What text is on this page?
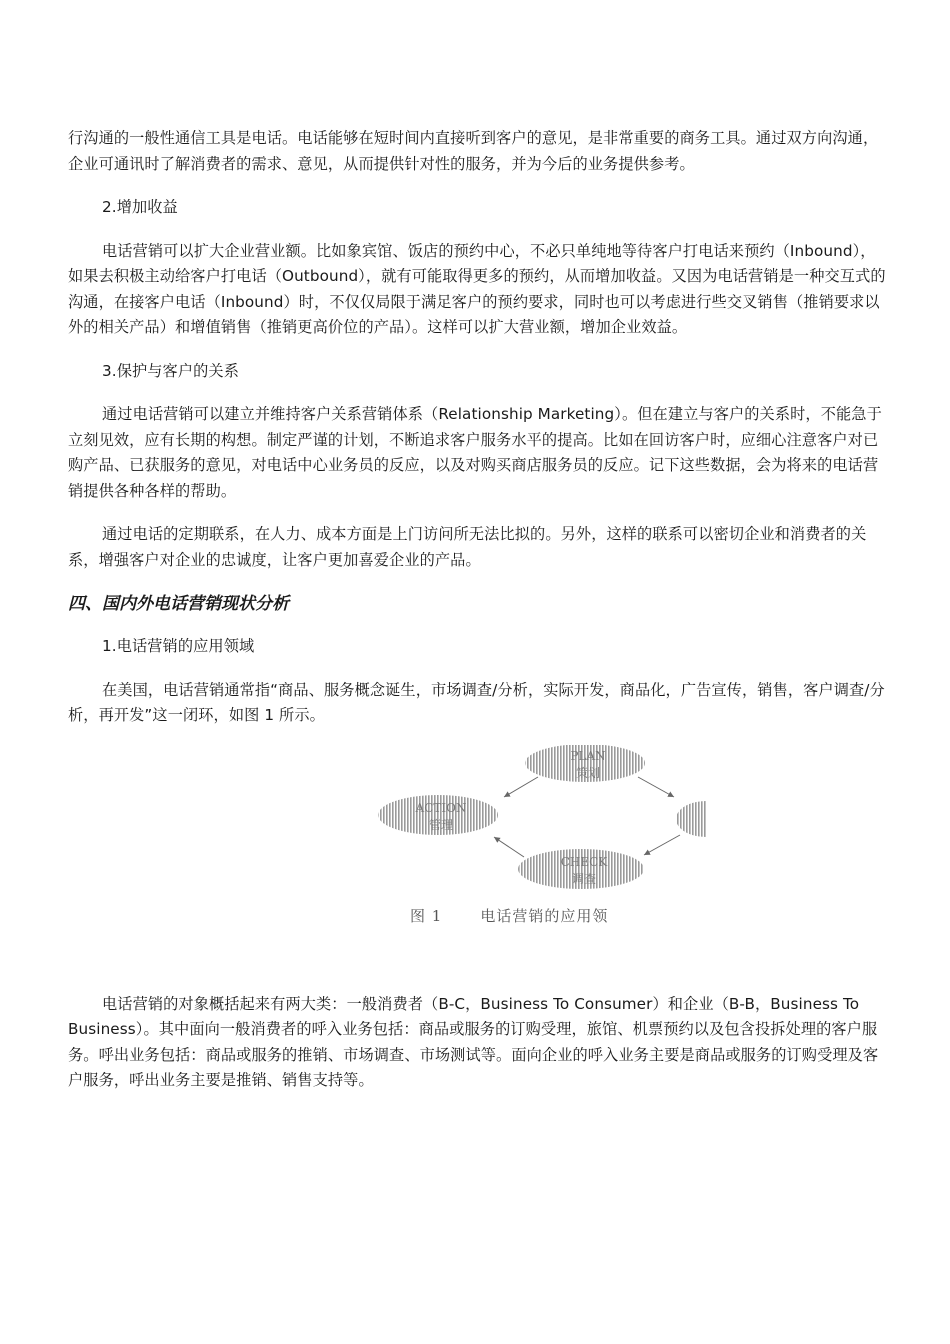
行沟通的一般性通信工具是电话。电话能够在短时间内直接听到客户的意见，是非常重要的商务工具。通过双方向沟通，企业可通讯时了解消费者的需求、意见，从而提供针对性的服务，并为今后的业务提供参考。

2.增加收益

电话营销可以扩大企业营业额。比如象宾馆、饭店的预约中心，不必只单纯地等待客户打电话来预约（Inbound），如果去积极主动给客户打电话（Outbound），就有可能取得更多的预约，从而增加收益。又因为电话营销是一种交互式的沟通，在接客户电话（Inbound）时，不仅仅局限于满足客户的预约要求，同时也可以考虑进行些交叉销售（推销要求以外的相关产品）和增值销售（推销更高价位的产品）。这样可以扩大营业额，增加企业效益。

3.保护与客户的关系

通过电话营销可以建立并维持客户关系营销体系（Relationship Marketing）。但在建立与客户的关系时，不能急于立刻见效，应有长期的构想。制定严谨的计划，不断追求客户服务水平的提高。比如在回访客户时，应细心注意客户对已购产品、已获服务的意见，对电话中心业务员的反应，以及对购买商店服务员的反应。记下这些数据，会为将来的电话营销提供各种各样的帮助。

通过电话的定期联系，在人力、成本方面是上门访问所无法比拟的。另外，这样的联系可以密切企业和消费者的关系，增强客户对企业的忠诚度，让客户更加喜爱企业的产品。

四、国内外电话营销现状分析

1.电话营销的应用领域

在美国，电话营销通常指“商品、服务概念诞生，市场调查/分析，实际开发，商品化，广告宣传，销售，客户调查/分析，再开发”这一闭环，如图 1 所示。

ACTION
管理
PLAN
策划
CHECK
调查
图 1	电话营销的应用领

电话营销的对象概括起来有两大类：一般消费者（B-C，Business To Consumer）和企业（B-B，Business To Business）。其中面向一般消费者的呼入业务包括：商品或服务的订购受理，旅馆、机票预约以及包含投拆处理的客户服务。呼出业务包括：商品或服务的推销、市场调查、市场测试等。面向企业的呼入业务主要是商品或服务的订购受理及客户服务，呼出业务主要是推销、销售支持等。
